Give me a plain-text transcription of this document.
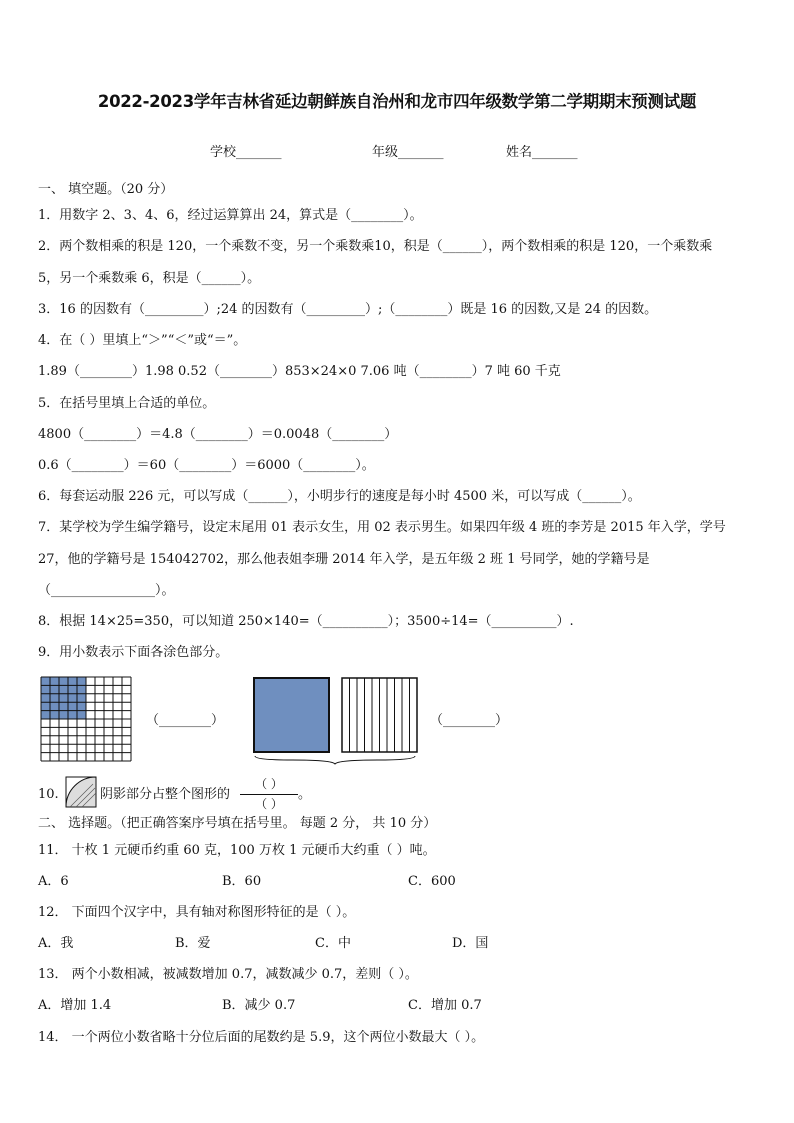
2022-2023学年吉林省延边朝鲜族自治州和龙市四年级数学第二学期期末预测试题
学校_______	年级_______	姓名_______
一、 填空题。（20 分）
1．用数字 2、3、4、6，经过运算算出 24，算式是（________）。
2．两个数相乘的积是 120，一个乘数不变，另一个乘数乘10，积是（______），两个数相乘的积是 120，一个乘数乘
5，另一个乘数乘 6，积是（______）。
3．16 的因数有（_________）;24 的因数有（_________）;（________）既是 16 的因数,又是 24 的因数。
4．在（ ）里填上“＞”“＜”或“＝”。
1.89（________）1.98 0.52（________）853×24×0 7.06 吨（________）7 吨 60 千克
5．在括号里填上合适的单位。
4800（________）＝4.8（________）＝0.0048（________）
0.6（________）＝60（________）＝6000（________）。
6．每套运动服 226 元，可以写成（______），小明步行的速度是每小时 4500 米，可以写成（______）。
7．某学校为学生编学籍号，设定末尾用 01 表示女生，用 02 表示男生。如果四年级 4 班的李芳是 2015 年入学，学号
27，他的学籍号是 154042702，那么他表姐李珊 2014 年入学，是五年级 2 班 1 号同学，她的学籍号是
（________________）。
8．根据 14×25=350，可以知道 250×140=（__________）；3500÷14=（__________）.
9．用小数表示下面各涂色部分。
（________）	（________）
10.	阴影部分占整个图形的
（ ）
（ ）
。
二、 选择题。（把正确答案序号填在括号里。 每题 2 分， 共 10 分）
11． 十枚 1 元硬币约重 60 克，100 万枚 1 元硬币大约重（ ）吨。
A．6	B．60	C．600
12． 下面四个汉字中，具有轴对称图形特征的是（ ）。
A．我	B．爱	C．中	D．国
13． 两个小数相减，被减数增加 0.7，减数减少 0.7，差则（ ）。
A．增加 1.4	B．减少 0.7	C．增加 0.7
14． 一个两位小数省略十分位后面的尾数约是 5.9，这个两位小数最大（ ）。
